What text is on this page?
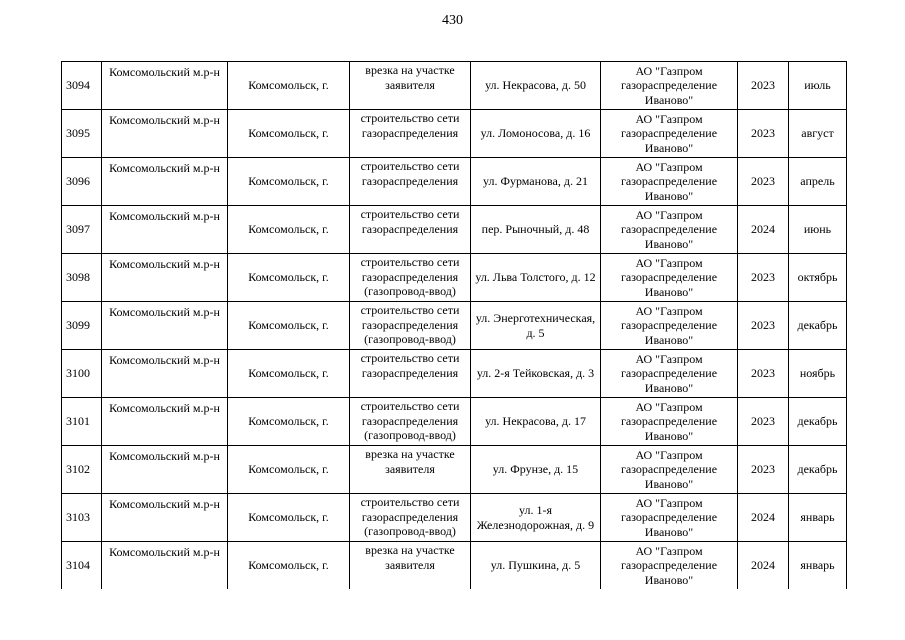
430
3094	Комсомольский м.р-н	Комсомольск, г.	врезка на участке заявителя	ул. Некрасова, д. 50	АО "Газпром газораспределение Иваново"	2023	июль
3095	Комсомольский м.р-н	Комсомольск, г.	строительство сети газораспределения	ул. Ломоносова, д. 16	АО "Газпром газораспределение Иваново"	2023	август
3096	Комсомольский м.р-н	Комсомольск, г.	строительство сети газораспределения	ул. Фурманова, д. 21	АО "Газпром газораспределение Иваново"	2023	апрель
3097	Комсомольский м.р-н	Комсомольск, г.	строительство сети газораспределения	пер. Рыночный, д. 48	АО "Газпром газораспределение Иваново"	2024	июнь
3098	Комсомольский м.р-н	Комсомольск, г.	строительство сети газораспределения (газопровод-ввод)	ул. Льва Толстого, д. 12	АО "Газпром газораспределение Иваново"	2023	октябрь
3099	Комсомольский м.р-н	Комсомольск, г.	строительство сети газораспределения (газопровод-ввод)	ул. Энерготехническая, д. 5	АО "Газпром газораспределение Иваново"	2023	декабрь
3100	Комсомольский м.р-н	Комсомольск, г.	строительство сети газораспределения	ул. 2-я Тейковская, д. 3	АО "Газпром газораспределение Иваново"	2023	ноябрь
3101	Комсомольский м.р-н	Комсомольск, г.	строительство сети газораспределения (газопровод-ввод)	ул. Некрасова, д. 17	АО "Газпром газораспределение Иваново"	2023	декабрь
3102	Комсомольский м.р-н	Комсомольск, г.	врезка на участке заявителя	ул. Фрунзе, д. 15	АО "Газпром газораспределение Иваново"	2023	декабрь
3103	Комсомольский м.р-н	Комсомольск, г.	строительство сети газораспределения (газопровод-ввод)	ул. 1-я Железнодорожная, д. 9	АО "Газпром газораспределение Иваново"	2024	январь
3104	Комсомольский м.р-н	Комсомольск, г.	врезка на участке заявителя	ул. Пушкина, д. 5	АО "Газпром газораспределение Иваново"	2024	январь
